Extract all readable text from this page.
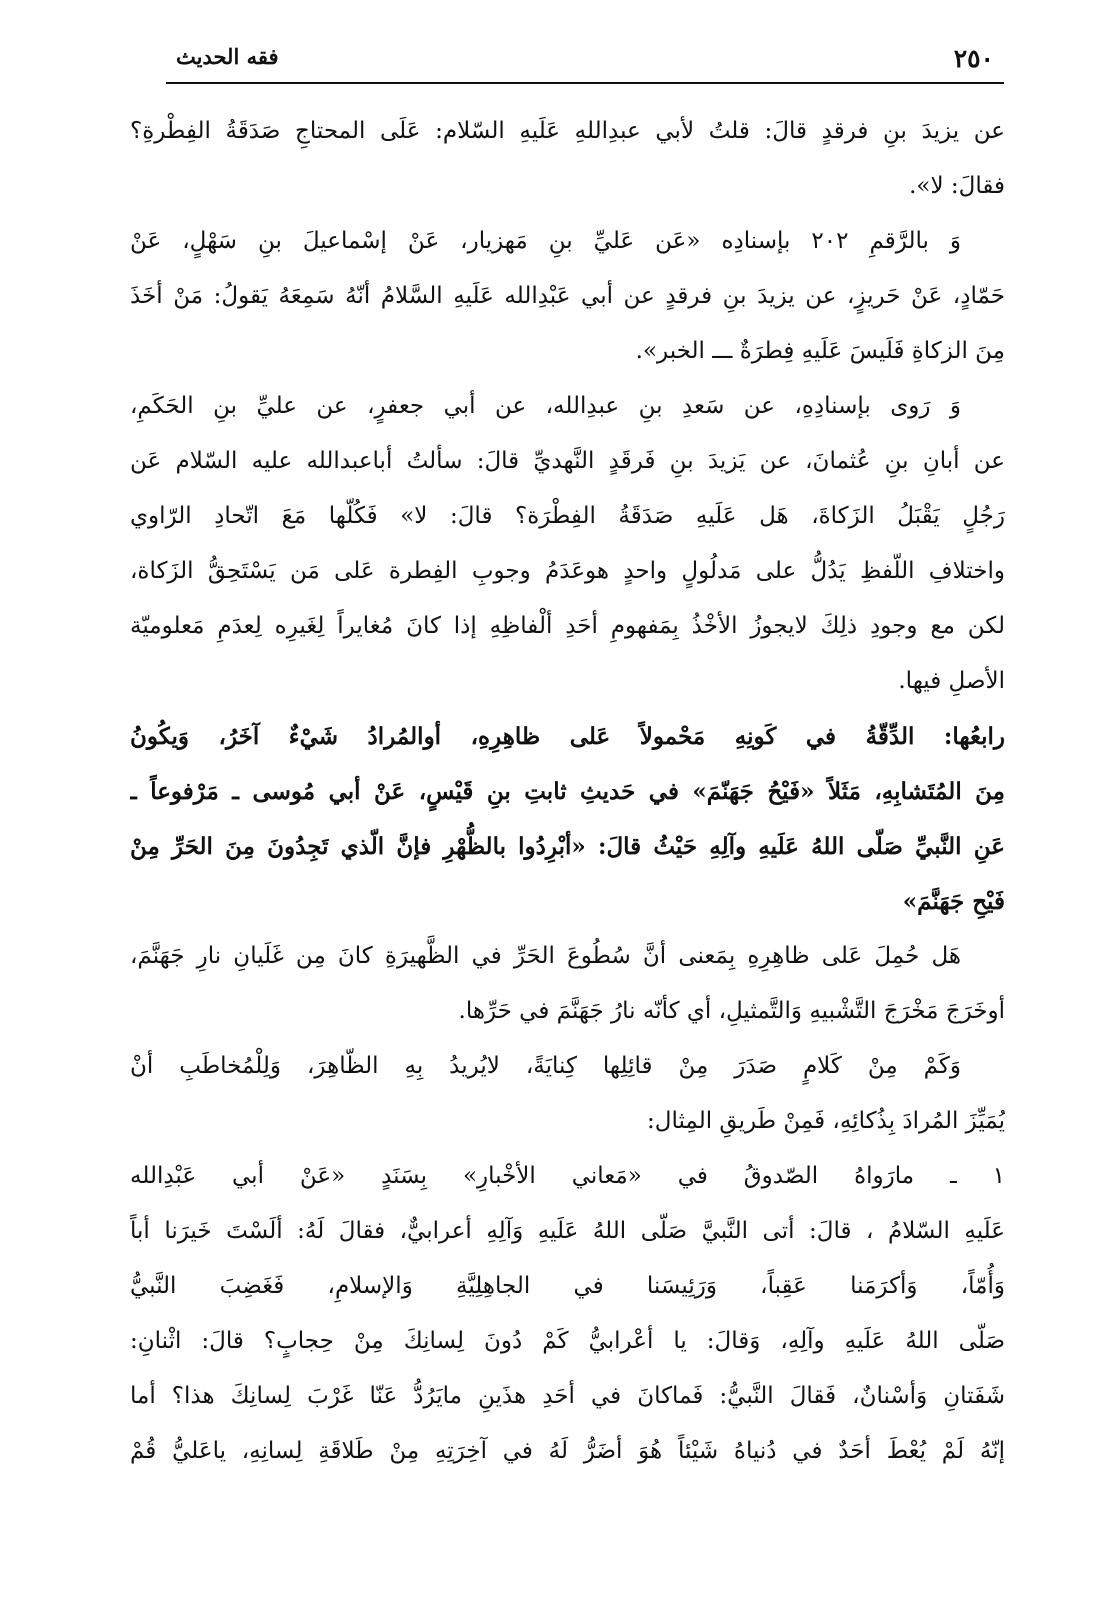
٢٥٠
فقه الحديث
عن يزيدَ بنِ فرقدٍ قالَ: قلتُ لأبي عبدِاللهِ عَلَيهِ السّلام: عَلَى المحتاجِ صَدَقَةُ الفِطْرةِ؟
فقالَ: لا».
وَ بالرَّقمِ ٢٠٢ بإسنادِه «عَن عَليِّ بنِ مَهزيار، عَنْ إسْماعيلَ بنِ سَهْلٍ، عَنْ
حَمّادٍ، عَنْ حَريزٍ، عن يزيدَ بنِ فرقدٍ عن أبي عَبْدِالله عَلَيهِ السَّلامُ أنّهُ سَمِعَهُ يَقولُ: مَنْ أخَذَ
مِنَ الزكاةِ فَلَيسَ عَلَيهِ فِطرَةٌ ـــ الخبر».
وَ رَوى بإسنادِهِ، عن سَعدِ بنِ عبدِالله، عن أبي جعفرٍ، عن عليِّ بنِ الحَكَمِ،
عن أبانِ بنِ عُثمانَ، عن يَزيدَ بنِ فَرقَدٍ النَّهديِّ قالَ: سألتُ أباعبدالله عليه السّلام عَن
رَجُلٍ يَقْبَلُ الزَكاةَ، هَل عَلَيهِ صَدَقَةُ الفِطْرَة؟ قالَ: لا» فَكُلّها مَعَ اتّحادِ الرّاوي
واختلافِ اللّفظِ يَدُلُّ على مَدلُولٍ واحدٍ هوعَدَمُ وجوبِ الفِطرة عَلى مَن يَسْتَحِقُّ الزَكاة،
لكن مع وجودِ ذلِكَ لايجوزُ الأخْذُ بِمَفهومِ أحَدِ ألْفاظِهِ إذا كانَ مُغايراً لِغَيرِه لِعدَمِ مَعلوميّة
الأصلِ فيها.
رابعُها: الدِّقّةُ في كَونِهِ مَحْمولاً عَلى ظاهِرِهِ، أوالمُرادُ شَيْءٌ آخَرُ، وَيكُونُ
مِنَ المُتَشابِهِ، مَثَلاً «فَيْحُ جَهَنّمَ» في حَديثِ ثابتِ بنِ قَيْسٍ، عَنْ أبي مُوسى ـ مَرْفوعاً ـ
عَنِ النَّبيِّ صَلّى اللهُ عَلَيهِ وآلِهِ حَيْثُ قالَ: «أبْرِدُوا بالظُّهْرِ فإنَّ الّذي تَجِدُونَ مِنَ الحَرِّ مِنْ
فَيْحِ جَهَنَّمَ»
هَل حُمِلَ عَلى ظاهِرِهِ بِمَعنى أنَّ سُطُوعَ الحَرِّ في الظَّهيرَةِ كانَ مِن غَلَيانِ نارِ جَهَنَّمَ،
أوخَرَجَ مَخْرَجَ التَّشْبيهِ وَالتَّمثيلِ، أي كأنّه نارُ جَهَنَّمَ في حَرِّها.
وَكَمْ مِنْ كَلامٍ صَدَرَ مِنْ قائِلِها كِنايَةً، لايُريدُ بِهِ الظّاهِرَ، وَلِلْمُخاطَبِ أنْ
يُمَيِّزَ المُرادَ بِذُكائِهِ، فَمِنْ طَريقِ المِثال:
١ ـ مارَواهُ الصّدوقُ في «مَعاني الأخْبارِ» بِسَنَدٍ «عَنْ أبي عَبْدِالله
عَلَيهِ السّلامُ ، قالَ: أتى النَّبيَّ صَلّى اللهُ عَلَيهِ وَآلِهِ أعرابيٌّ، فقالَ لَهُ: ألَسْتَ خَيرَنا أباً
وَأُمّاً، وَأكرَمَنا عَقِباً، وَرَئِيسَنا في الجاهِلِيَّةِ وَالإسلامِ، فَغَضِبَ النَّبيُّ
صَلّى اللهُ عَلَيهِ وآلِهِ، وَقالَ: يا أعْرابيُّ كَمْ دُونَ لِسانِكَ مِنْ حِجابٍ؟ قالَ: اثْنانِ:
شَفَتانِ وَأسْنانٌ، فَقالَ النَّبيُّ: فَماكانَ في أحَدِ هذَينِ مايَرُدُّ عَنّا غَرْبَ لِسانِكَ هذا؟ أما
إنّهُ لَمْ يُعْطَ أحَدٌ في دُنياهُ شَيْئاً هُوَ أضَرُّ لَهُ في آخِرَتِهِ مِنْ طَلاقَةِ لِسانِهِ، ياعَليُّ قُمْ
